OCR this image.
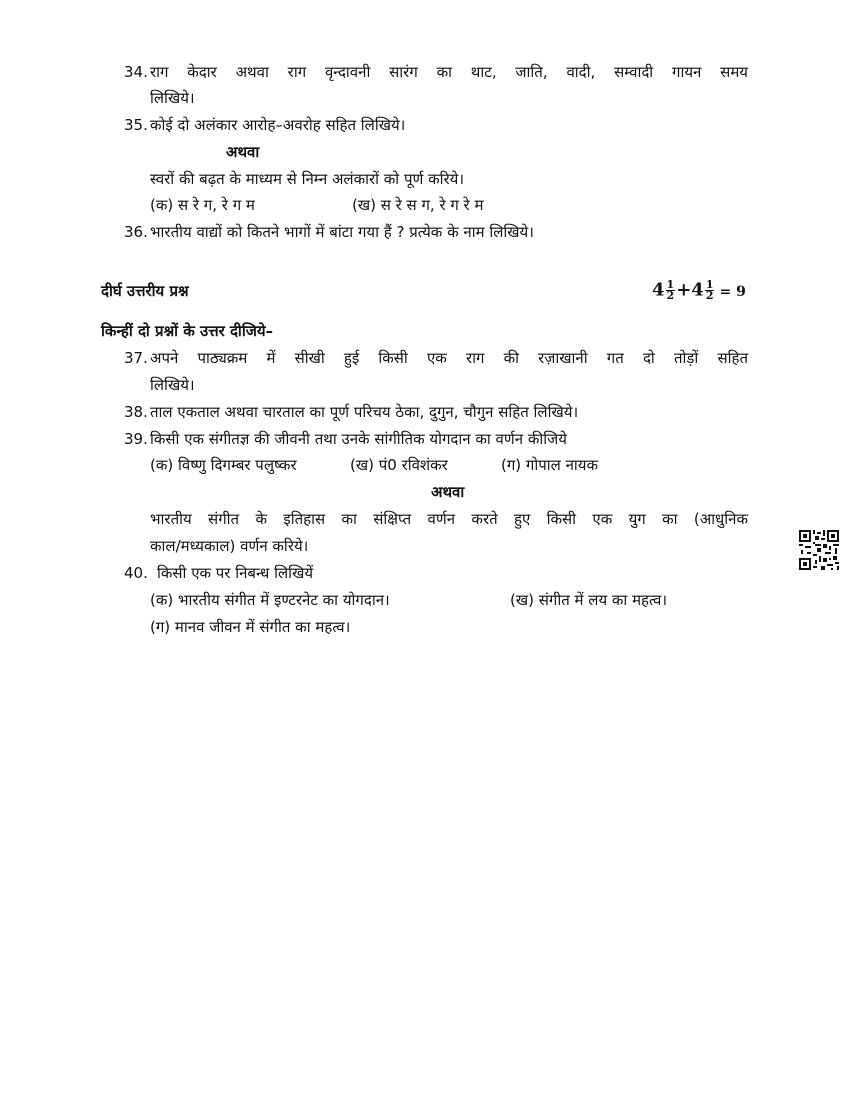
34. राग केदार अथवा राग वृन्दावनी सारंग का थाट, जाति, वादी, सम्वादी गायन समय
लिखिये।
35. कोई दो अलंकार आरोह–अवरोह सहित लिखिये।
अथवा
स्वरों की बढ़त के माध्यम से निम्न अलंकारों को पूर्ण करिये।
(क) स रे ग, रे ग म	(ख) स रे स ग, रे ग रे म
36. भारतीय वाद्यों को कितने भागों में बांटा गया हैं ? प्रत्येक के नाम लिखिये।
दीर्घ उत्तरीय प्रश्न	$4 \frac{1}{2} +4 \frac{1}{2} = 9$
किन्हीं दो प्रश्नों के उत्तर दीजिये–
37. अपने पाठ्यक्रम में सीखी हुई किसी एक राग की रज़ाखानी गत दो तोड़ों सहित
लिखिये।
38. ताल एकताल अथवा चारताल का पूर्ण परिचय ठेका, दुगुन, चौगुन सहित लिखिये।
39. किसी एक संगीतज्ञ की जीवनी तथा उनके सांगीतिक योगदान का वर्णन कीजिये
(क) विष्णु दिगम्बर पलुष्कर	(ख) पं0 रविशंकर	(ग) गोपाल नायक
अथवा
भारतीय संगीत के इतिहास का संक्षिप्त वर्णन करते हुए किसी एक युग का (आधुनिक
काल/मध्यकाल) वर्णन करिये।
40. किसी एक पर निबन्ध लिखियें
(क) भारतीय संगीत में इण्टरनेट का योगदान।	(ख) संगीत में लय का महत्व।
(ग) मानव जीवन में संगीत का महत्व।
